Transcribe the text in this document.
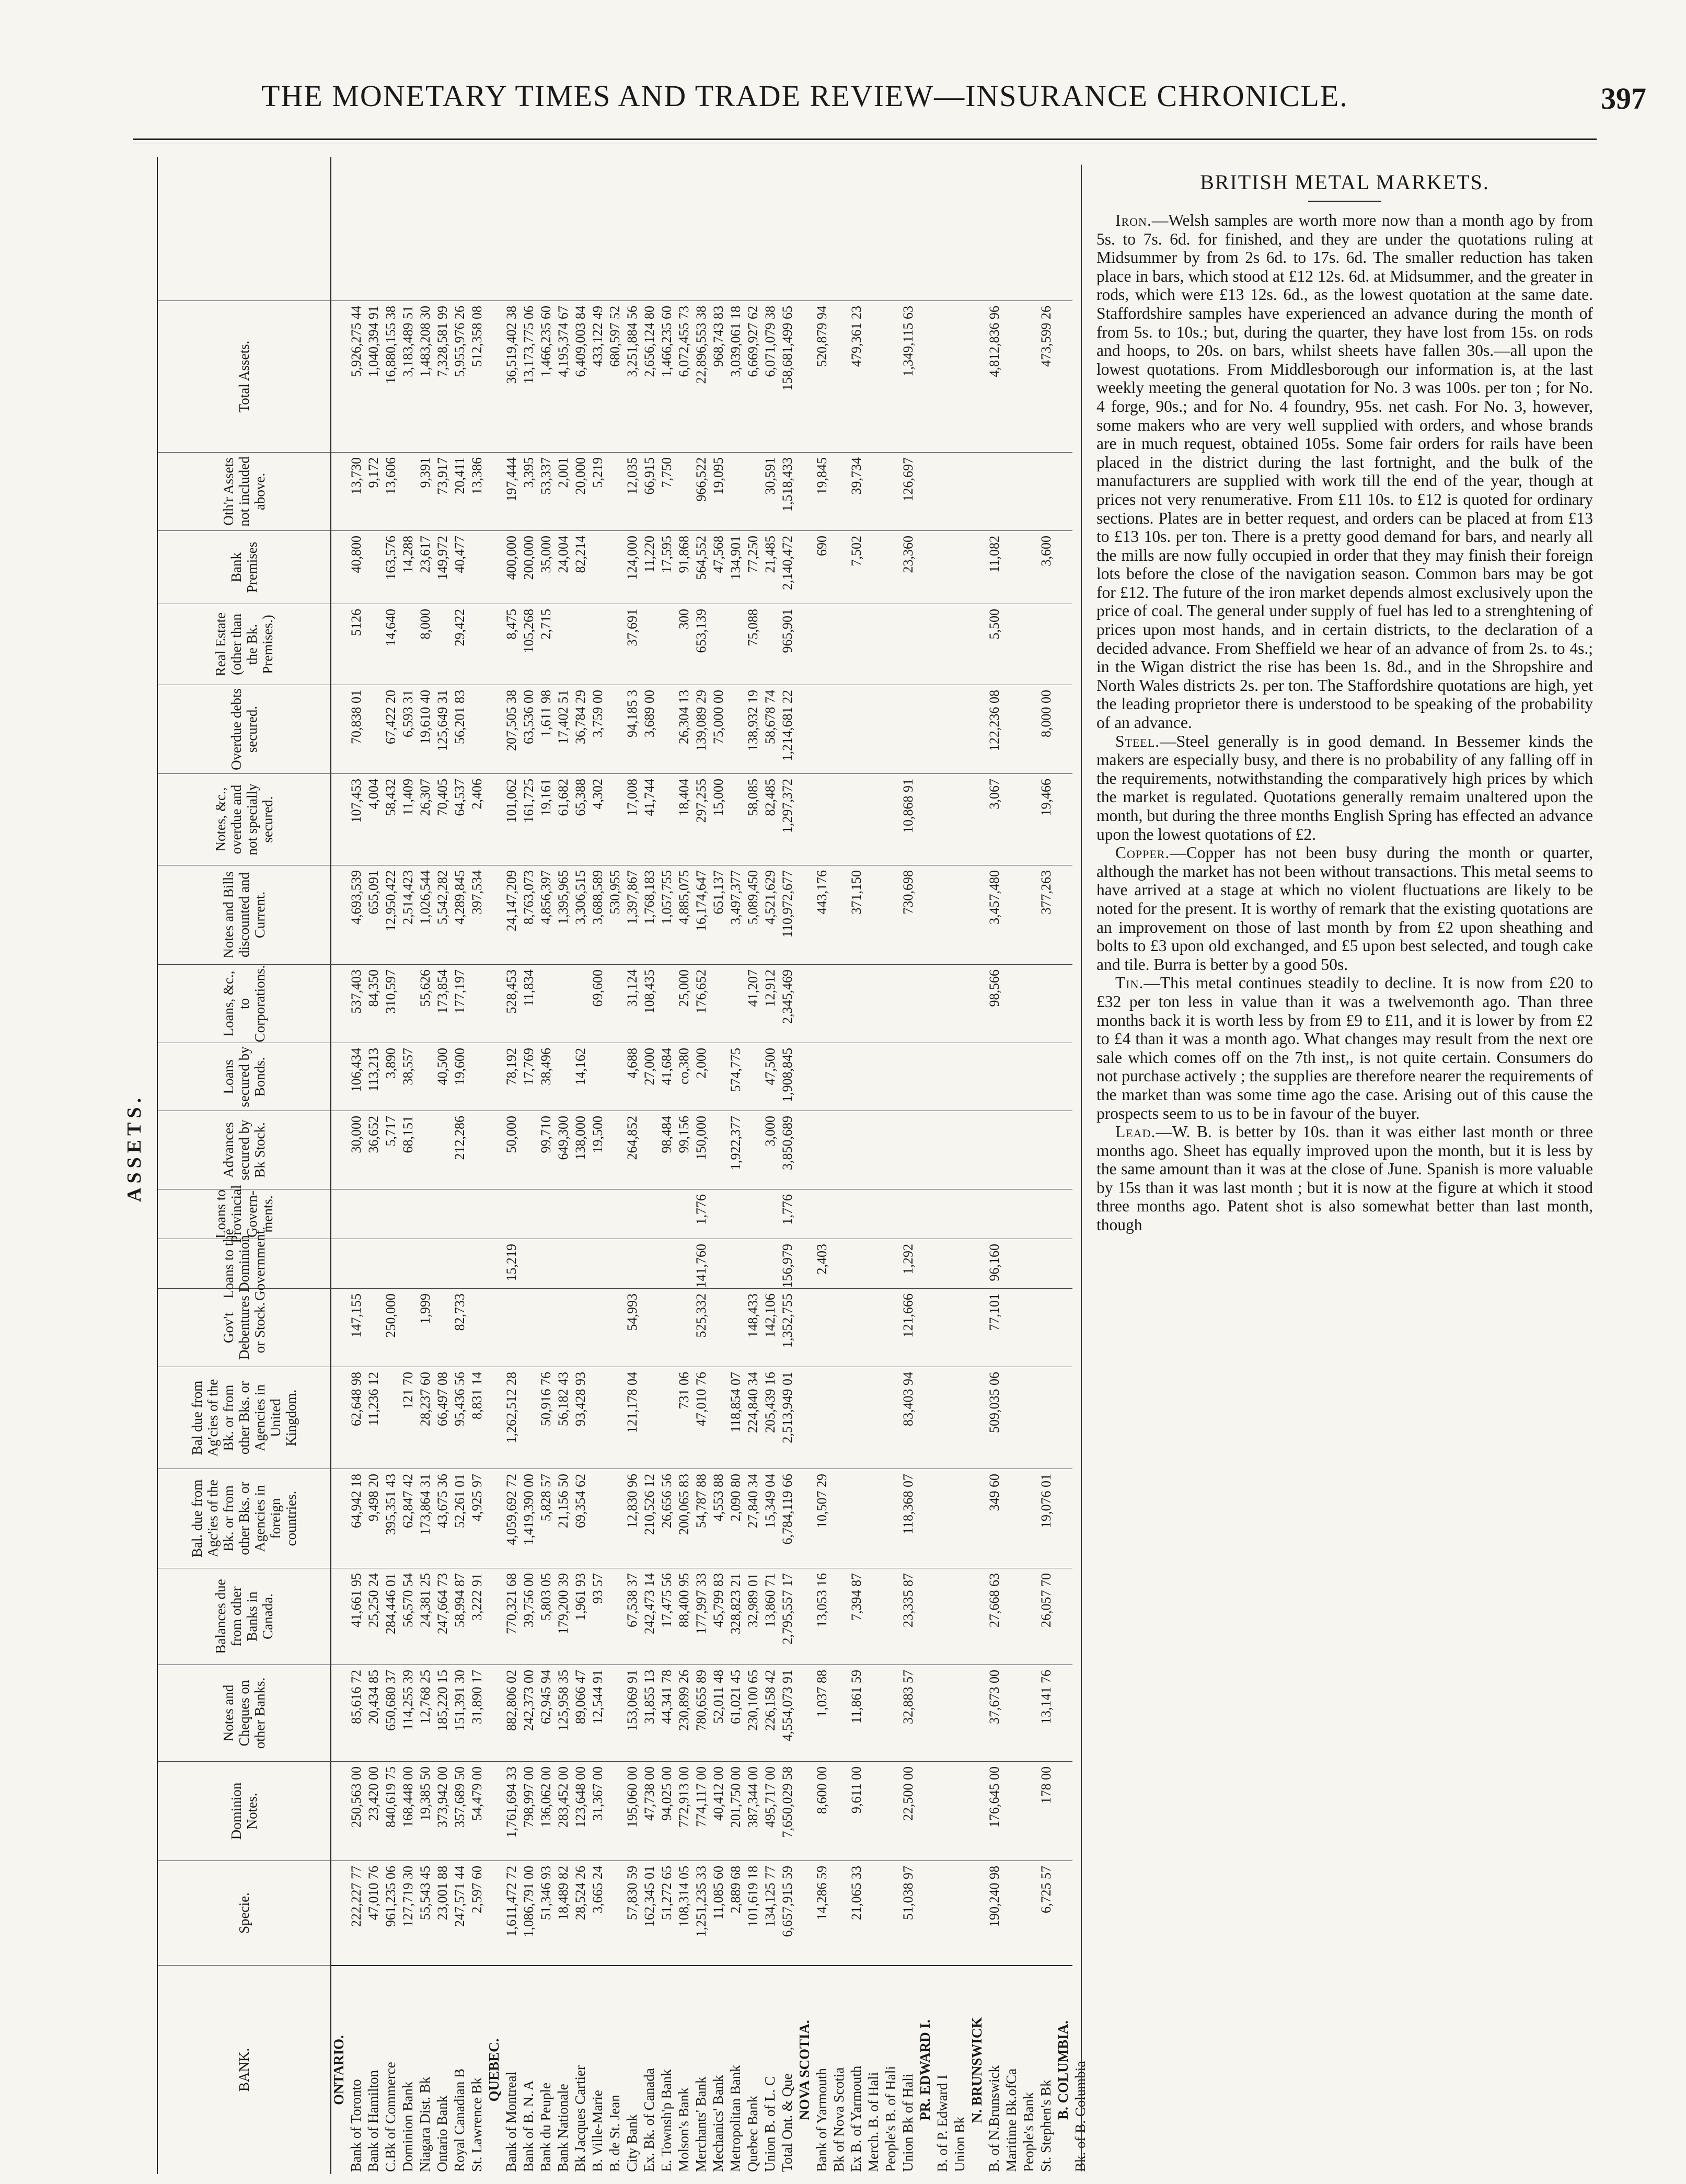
THE MONETARY TIMES AND TRADE REVIEW—INSURANCE CHRONICLE.	397
ASSETS.
BANK.
Specie.
Dominion Notes.
Notes and Cheques on other Banks.
Balances due from other Banks in Canada.
Bal. due from Agc'ies of the Bk. or from other Bks. or Agencies in foreign countries.
Bal due from Ag'cies of the Bk. or from other Bks. or Agencies in United Kingdom.
Gov't Debentures or Stock.
Loans to the Dominion Government.
Loans to Provincial Govern-ments.
Advances secured by Bk Stock.
Loans secured by Bonds.
Loans, &c., to Corporations.
Notes and Bills discounted and Current.
Notes, &c., overdue and not specially secured.
Overdue debts secured.
Real Estate (other than the Bk. Premises.)
Bank Premises
Oth'r Assets not included above.
Total Assets.
ONTARIO.
Bank of Toronto Bank of Hamilton C.Bk of Commerce Dominion Bank Niagara Dist. Bk Ontario Bank Royal Canadian B St. Lawrence Bk
QUEBEC.
Bank of Montreal Bank of B. N. A Bank du Peuple Bank Nationale Bk Jacques Cartier B. Ville-Marie B. de St. Jean City Bank Ex. Bk. of Canada E. Townsh'p Bank Molson's Bank Merchants' Bank Mechanics' Bank Metropolitan Bank Quebec Bank Union B. of L. C Total Ont. & Que
NOVA SCOTIA. Bank of Yarmouth Bk of Nova Scotia Ex B. of Yarmouth Merch. B. of Hali People's B. of Hali Union Bk of Hali
PR. EDWARD I.
B. of P. Edward I Union Bk
N. BRUNSWICK B. of N.Brunswick Maritime Bk.ofCa People's Bank St. Stephen's Bk
B. COLUMBIA. Bk. of B. Columbia
222,227 77
250,563 00
85,616 72
41,661 95
64,942 18
62,648 98
147,155
30,000
106,434
537,403
4,693,539
107,453
70,838 01
5126
40,800
13,730
5,926,275 44
47,010 76
23,420 00
20,434 85
25,250 24
9,498 20
11,236 12
36,652
113,213
84,350
655,091
4,004
9,172
1,040,394 91
961,235 06
840,619 75
650,680 37
284,446 01
395,351 43
250,000
5,717
3,890
310,597
12,950,422
58,432
67,422 20
14,640
163,576
13,606
16,880,155 38
127,719 30
168,448 00
114,255 39
56,570 54
62,847 42
121 70
68,151
38,557
2,514,423
11,409
6,593 31
14,288
3,183,489 51
55,543 45
19,385 50
12,768 25
24,381 25
173,864 31
28,237 60
1,999
55,626
1,026,544
26,307
19,610 40
8,000
23,617
9,391
1,483,208 30
23,001 88
373,942 00
185,220 15
247,664 73
43,675 36
66,497 08
40,500
173,854
5,542,282
70,405
125,649 31
149,972
73,917
7,328,581 99
247,571 44
357,689 50
151,391 30
58,994 87
52,261 01
95,436 56
82,733
212,286
19,600
177,197
4,289,845
64,537
56,201 83
29,422
40,477
20,411
5,955,976 26
2,597 60
54,479 00
31,890 17
3,222 91
4,925 97
8,831 14
397,534
2,406
13,386
512,358 08
1,611,472 72
1,761,694 33
882,806 02
770,321 68
4,059,692 72
1,262,512 28
15,219
50,000
78,192
528,453
24,147,209
101,062
207,505 38
8,475
400,000
197,444
36,519,402 38
1,086,791 00
798,997 00
242,373 00
39,756 00
1,419,390 00
17,769
11,834
8,763,073
161,725
63,536 00
105,268
200,000
3,395
13,173,775 06
51,346 93
136,062 00
62,945 94
5,803 05
5,828 57
50,916 76
99,710
38,496
4,856,397
19,161
1,611 98
2,715
35,000
53,337
1,466,235 60
18,489 82
283,452 00
125,958 35
179,200 39
21,156 50
56,182 43
649,300
1,395,965
61,682
17,402 51
24,004
2,001
4,195,374 67
28,524 26
123,648 00
89,066 47
1,961 93
69,354 62
93,428 93
138,000
14,162
3,306,515
65,388
36,784 29
82,214
20,000
6,409,003 84
3,665 24
31,367 00
12,544 91
93 57
19,500
69,600
3,688,589
4,302
3,759 00
5,219
433,122 49
530,955
680,597 52
57,830 59
195,060 00
153,069 91
67,538 37
12,830 96
121,178 04
54,993
264,852
4,688
31,124
1,397,867
17,008
94,185 3
37,691
124,000
12,035
3,251,884 56
162,345 01
47,738 00
31,855 13
242,473 14
210,526 12
27,000
108,435
1,768,183
41,744
3,689 00
11,220
66,915
2,656,124 80
51,272 65
94,025 00
44,341 78
17,475 56
26,656 56
98,484
41,684
1,057,755
17,595
7,750
1,466,235 60
108,314 05
772,913 00
230,899 26
88,400 95
200,065 83
731 06
99,156
co,380
25,000
4,885,075
18,404
26,304 13
300
91,868
6,072,455 73
1,251,235 33
774,117 00
780,655 89
177,997 33
54,787 88
47,010 76
525,332
141,760
1,776
150,000
2,000
176,652
16,174,647
297,255
139,089 29
653,139
564,552
966,522
22,896,553 38
11,085 60
40,412 00
52,011 48
45,799 83
4,553 88
651,137
15,000
75,000 00
47,568
19,095
968,743 83
2,889 68
201,750 00
61,021 45
328,823 21
2,090 80
118,854 07
1,922,377
574,775
3,497,377
134,901
3,039,061 18
101,619 18
387,344 00
230,100 65
32,989 01
27,840 34
224,840 34
148,433
41,207
5,089,450
58,085
138,932 19
75,088
77,250
6,669,927 62
134,125 77
495,717 00
226,158 42
13,860 71
15,349 04
205,439 16
142,106
3,000
47,500
12,912
4,521,629
82,485
58,678 74
21,485
30,591
6,071,079 38
6,657,915 59
7,650,029 58
4,554,073 91
2,795,557 17
6,784,119 66
2,513,949 01
1,352,755
156,979
1,776
3,850,689
1,908,845
2,345,469
110,972,677
1,297,372
1,214,681 22
965,901
2,140,472
1,518,433
158,681,499 65
14,286 59
8,600 00
1,037 88
13,053 16
10,507 29
2,403
443,176
690
19,845
520,879 94
21,065 33
9,611 00
11,861 59
7,394 87
371,150
7,502
39,734
479,361 23
51,038 97
22,500 00
32,883 57
23,335 87
118,368 07
83,403 94
121,666
1,292
730,698
10,868 91
23,360
126,697
1,349,115 63
190,240 98
176,645 00
37,673 00
27,668 63
349 60
509,035 06
77,101
96,160
98,566
3,457,480
3,067
122,236 08
5,500
11,082
4,812,836 96
6,725 57
178 00
13,141 76
26,057 70
19,076 01
377,263
19,466
8,000 00
3,600
473,599 26
BRITISH METAL MARKETS.

Iron.—Welsh samples are worth more now than a month ago by from 5s. to 7s. 6d. for finished, and they are under the quotations ruling at Midsummer by from 2s 6d. to 17s. 6d. The smaller reduction has taken place in bars, which stood at £12 12s. 6d. at Midsummer, and the greater in rods, which were £13 12s. 6d., as the lowest quotation at the same date. Staffordshire samples have experienced an advance during the month of from 5s. to 10s.; but, during the quarter, they have lost from 15s. on rods and hoops, to 20s. on bars, whilst sheets have fallen 30s.—all upon the lowest quotations. From Middlesborough our information is, at the last weekly meeting the general quotation for No. 3 was 100s. per ton ; for No. 4 forge, 90s.; and for No. 4 foundry, 95s. net cash. For No. 3, however, some makers who are very well supplied with orders, and whose brands are in much request, obtained 105s. Some fair orders for rails have been placed in the district during the last fortnight, and the bulk of the manufacturers are supplied with work till the end of the year, though at prices not very renumerative. From £11 10s. to £12 is quoted for ordinary sections. Plates are in better request, and orders can be placed at from £13 to £13 10s. per ton. There is a pretty good demand for bars, and nearly all the mills are now fully occupied in order that they may finish their foreign lots before the close of the navigation season. Common bars may be got for £12. The future of the iron market depends almost exclusively upon the price of coal. The general under supply of fuel has led to a strenghtening of prices upon most hands, and in certain districts, to the declaration of a decided advance. From Sheffield we hear of an advance of from 2s. to 4s.; in the Wigan district the rise has been 1s. 8d., and in the Shropshire and North Wales districts 2s. per ton. The Staffordshire quotations are high, yet the leading proprietor there is understood to be speaking of the probability of an advance.

Steel.—Steel generally is in good demand. In Bessemer kinds the makers are especially busy, and there is no probability of any falling off in the requirements, notwithstanding the comparatively high prices by which the market is regulated. Quotations generally remaim unaltered upon the month, but during the three months English Spring has effected an advance upon the lowest quotations of £2.

Copper.—Copper has not been busy during the month or quarter, although the market has not been without transactions. This metal seems to have arrived at a stage at which no violent fluctuations are likely to be noted for the present. It is worthy of remark that the existing quotations are an improvement on those of last month by from £2 upon sheathing and bolts to £3 upon old exchanged, and £5 upon best selected, and tough cake and tile. Burra is better by a good 50s.

Tin.—This metal continues steadily to decline. It is now from £20 to £32 per ton less in value than it was a twelvemonth ago. Than three months back it is worth less by from £9 to £11, and it is lower by from £2 to £4 than it was a month ago. What changes may result from the next ore sale which comes off on the 7th inst,, is not quite certain. Consumers do not purchase actively ; the supplies are therefore nearer the requirements of the market than was some time ago the case. Arising out of this cause the prospects seem to us to be in favour of the buyer.

Lead.—W. B. is better by 10s. than it was either last month or three months ago. Sheet has equally improved upon the month, but it is less by the same amount than it was at the close of June. Spanish is more valuable by 15s than it was last month ; but it is now at the figure at which it stood three months ago. Patent shot is also somewhat better than last month, though
